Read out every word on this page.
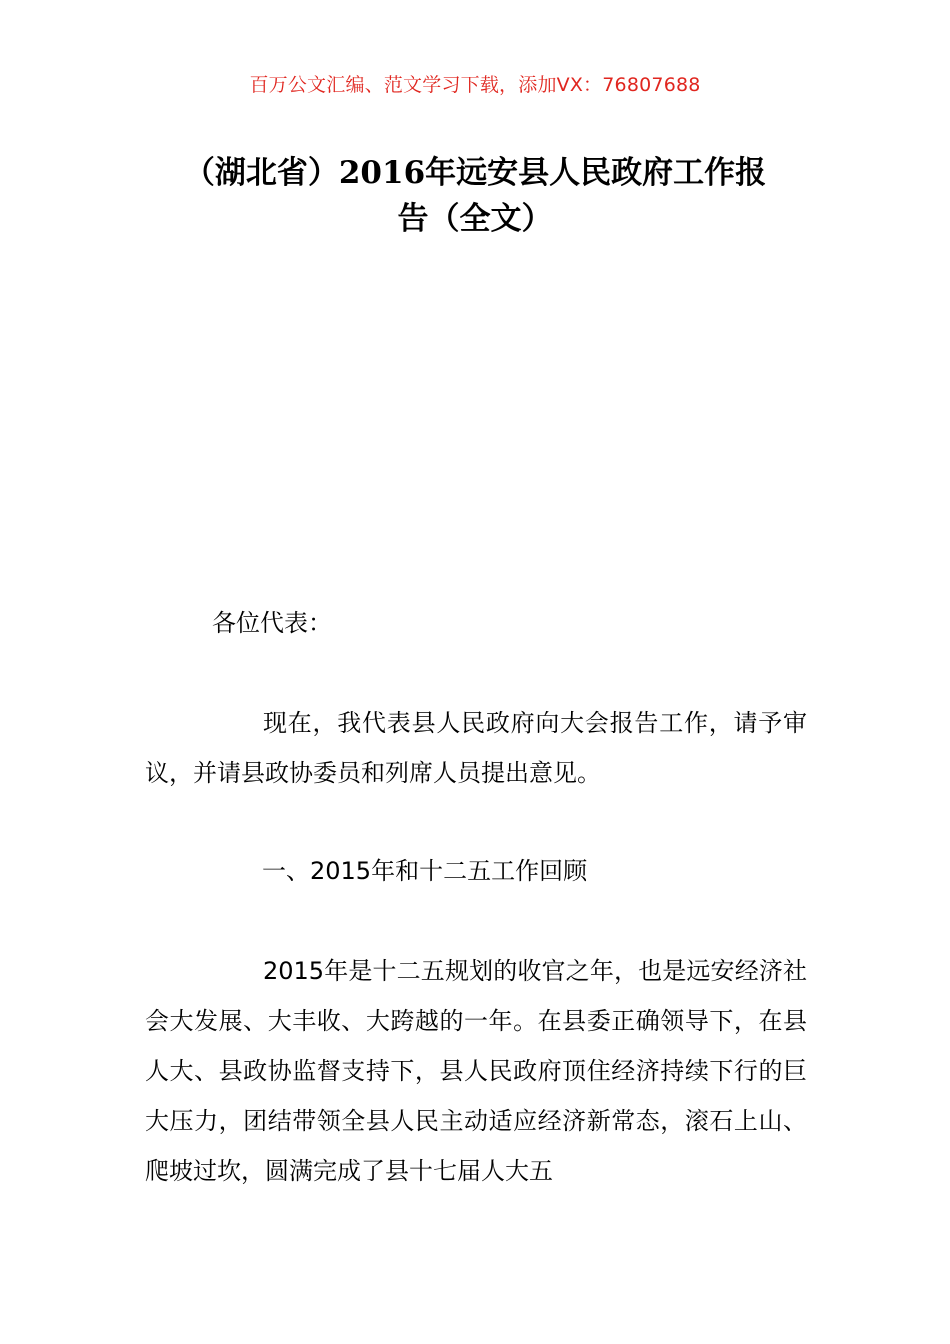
百万公文汇编、范文学习下载，添加VX：76807688
（湖北省）2016年远安县人民政府工作报
告（全文）
各位代表：

现在，我代表县人民政府向大会报告工作，请予审议，并请县政协委员和列席人员提出意见。

一、2015年和十二五工作回顾

2015年是十二五规划的收官之年，也是远安经济社会大发展、大丰收、大跨越的一年。在县委正确领导下，在县人大、县政协监督支持下，县人民政府顶住经济持续下行的巨大压力，团结带领全县人民主动适应经济新常态，滚石上山、爬坡过坎，圆满完成了县十七届人大五
